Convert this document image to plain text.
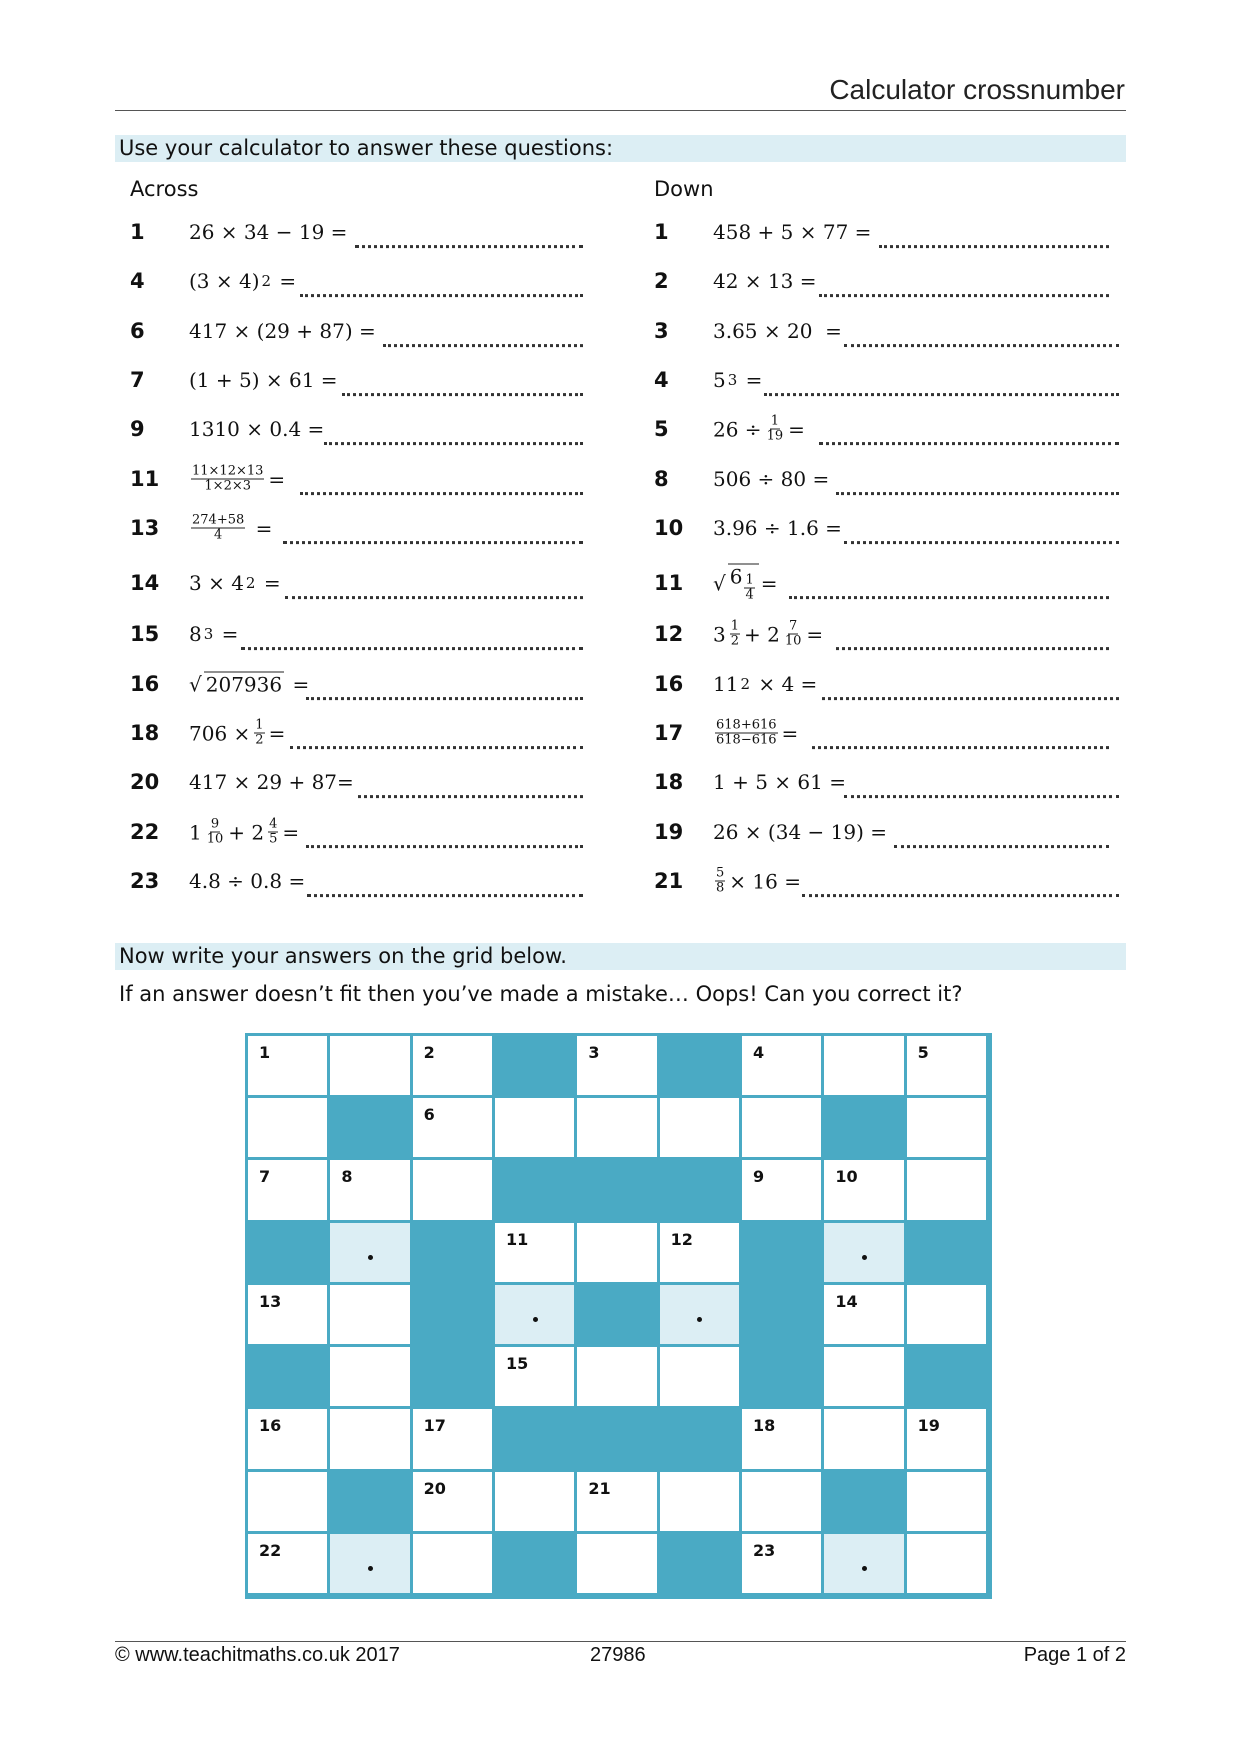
Calculator crossnumber
Use your calculator to answer these questions:
Across	Down
1	26 × 34 − 19 =
4	(3 × 4) 2 =
6	417 × (29 + 87) =
7	(1 + 5) × 61 =
9	1310 × 0.4 =
11	$\frac{11\times 12\times 13}{1\times 2\times 3}$ =
13	$\frac{274+58}{4}$ =
14	3 × 4 2 =
15	8 3 =
16	√ 207936 =
18	$706 \times \frac{1}{2}$ =
20	417 × 29 + 87=
22	$1 \frac{9}{10} + 2 \frac{4}{5}$ =
23	4.8 ÷ 0.8 =
1	458 + 5 × 77 =
2	42 × 13 =
3	3.65 × 20  =
4	5 3 =
5	$26 \div \frac{1}{19}$ =
8	506 ÷ 80 =
10	3.96 ÷ 1.6 =
11	√ $6 \frac{1}{4}$ =
12	$3 \frac{1}{2} + 2 \frac{7}{10}$ =
16	11 2 × 4 =
17	$\frac{618+616}{618-616}$ =
18	1 + 5 × 61 =
19	26 × (34 − 19) =
21	$\frac{5}{8} \times 16$ =
Now write your answers on the grid below.
If an answer doesn’t fit then you’ve made a mistake… Oops! Can you correct it?
1	2	3	4	5
6
7	8	9	10
11	12
13	14
15
16	17	18	19
20	21
22	23
© www.teachitmaths.co.uk 2017	27986	Page 1 of 2
